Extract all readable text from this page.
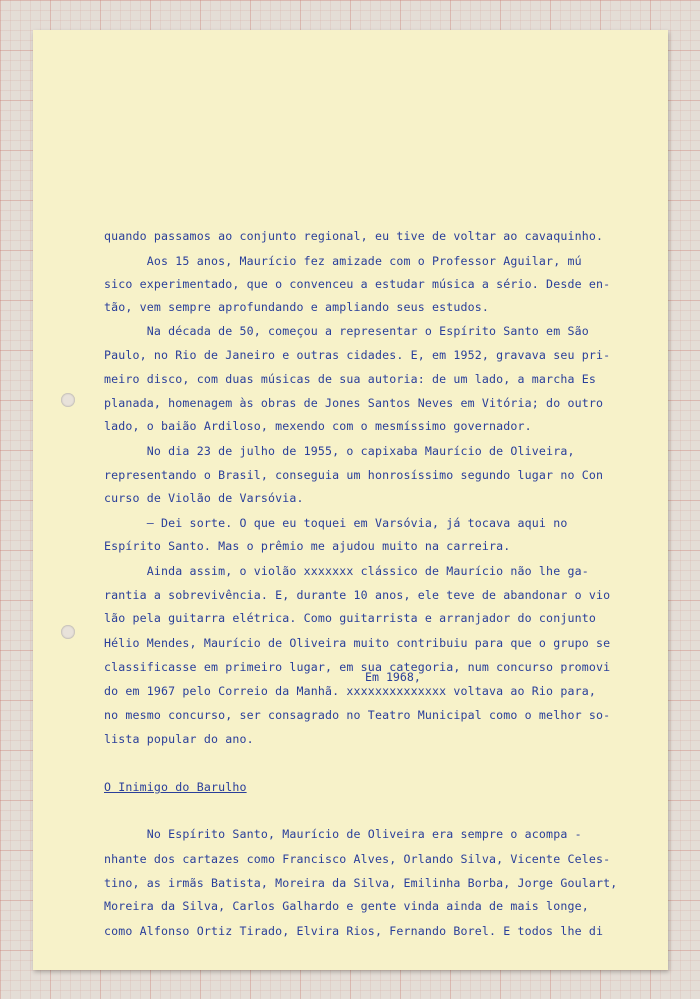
quando passamos ao conjunto regional, eu tive de voltar ao cavaquinho.
Aos 15 anos, Maurício fez amizade com o Professor Aguilar, mú
sico experimentado, que o convenceu a estudar música a sério. Desde en-
tão, vem sempre aprofundando e ampliando seus estudos.
Na década de 50, começou a representar o Espírito Santo em São
Paulo, no Rio de Janeiro e outras cidades. E, em 1952, gravava seu pri-
meiro disco, com duas músicas de sua autoria: de um lado, a marcha Es
planada, homenagem às obras de Jones Santos Neves em Vitória; do outro
lado, o baião Ardiloso, mexendo com o mesmíssimo governador.
No dia 23 de julho de 1955, o capixaba Maurício de Oliveira,
representando o Brasil, conseguia um honrosíssimo segundo lugar no Con
curso de Violão de Varsóvia.
— Dei sorte. O que eu toquei em Varsóvia, já tocava aqui no
Espírito Santo. Mas o prêmio me ajudou muito na carreira.
Ainda assim, o violão xxxxxxx clássico de Maurício não lhe ga-
rantia a sobrevivência. E, durante 10 anos, ele teve de abandonar o vio
lão pela guitarra elétrica. Como guitarrista e arranjador do conjunto
Hélio Mendes, Maurício de Oliveira muito contribuiu para que o grupo se
classificasse em primeiro lugar, em sua categoria, num concurso promovi
do em 1967 pelo Correio da Manhã. xxxxxxxxxxxxxx voltava ao Rio para,
no mesmo concurso, ser consagrado no Teatro Municipal como o melhor so-
lista popular do ano.
Em 1968,
O Inimigo do Barulho
No Espírito Santo, Maurício de Oliveira era sempre o acompa -
nhante dos cartazes como Francisco Alves, Orlando Silva, Vicente Celes-
tino, as irmãs Batista, Moreira da Silva, Emilinha Borba, Jorge Goulart,
Moreira da Silva, Carlos Galhardo e gente vinda ainda de mais longe,
como Alfonso Ortiz Tirado, Elvira Rios, Fernando Borel. E todos lhe di
